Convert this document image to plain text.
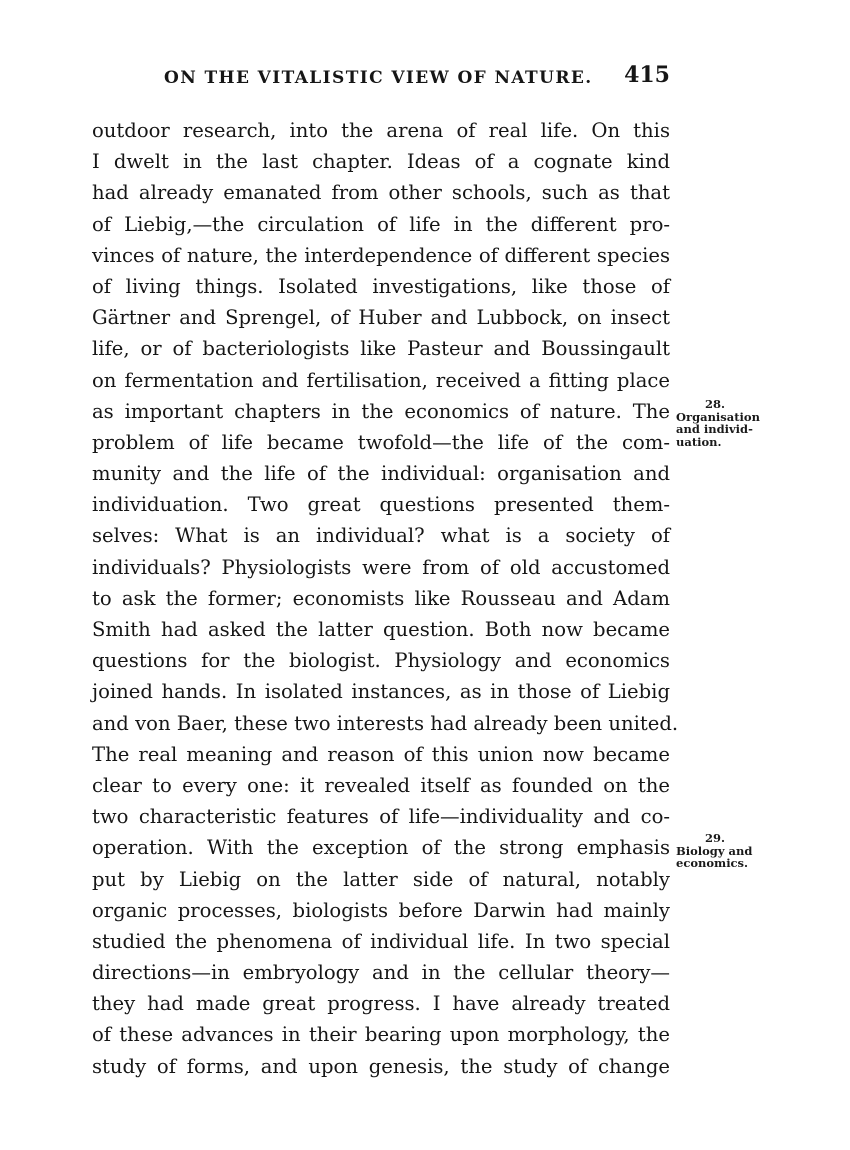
ON THE VITALISTIC VIEW OF NATURE. 415
outdoor research, into the arena of real life. On this
I dwelt in the last chapter. Ideas of a cognate kind
had already emanated from other schools, such as that
of Liebig,—the circulation of life in the different pro-
vinces of nature, the interdependence of different species
of living things. Isolated investigations, like those of
Gärtner and Sprengel, of Huber and Lubbock, on insect
life, or of bacteriologists like Pasteur and Boussingault
on fermentation and fertilisation, received a fitting place
as important chapters in the economics of nature. The
problem of life became twofold—the life of the com-
munity and the life of the individual: organisation and
individuation. Two great questions presented them-
selves: What is an individual? what is a society of
individuals? Physiologists were from of old accustomed
to ask the former; economists like Rousseau and Adam
Smith had asked the latter question. Both now became
questions for the biologist. Physiology and economics
joined hands. In isolated instances, as in those of Liebig
and von Baer, these two interests had already been united.
The real meaning and reason of this union now became
clear to every one: it revealed itself as founded on the
two characteristic features of life—individuality and co-
operation. With the exception of the strong emphasis
put by Liebig on the latter side of natural, notably
organic processes, biologists before Darwin had mainly
studied the phenomena of individual life. In two special
directions—in embryology and in the cellular theory—
they had made great progress. I have already treated
of these advances in their bearing upon morphology, the
study of forms, and upon genesis, the study of change
28.
Organisation
and individ-
uation.
29.
Biology and
economics.
